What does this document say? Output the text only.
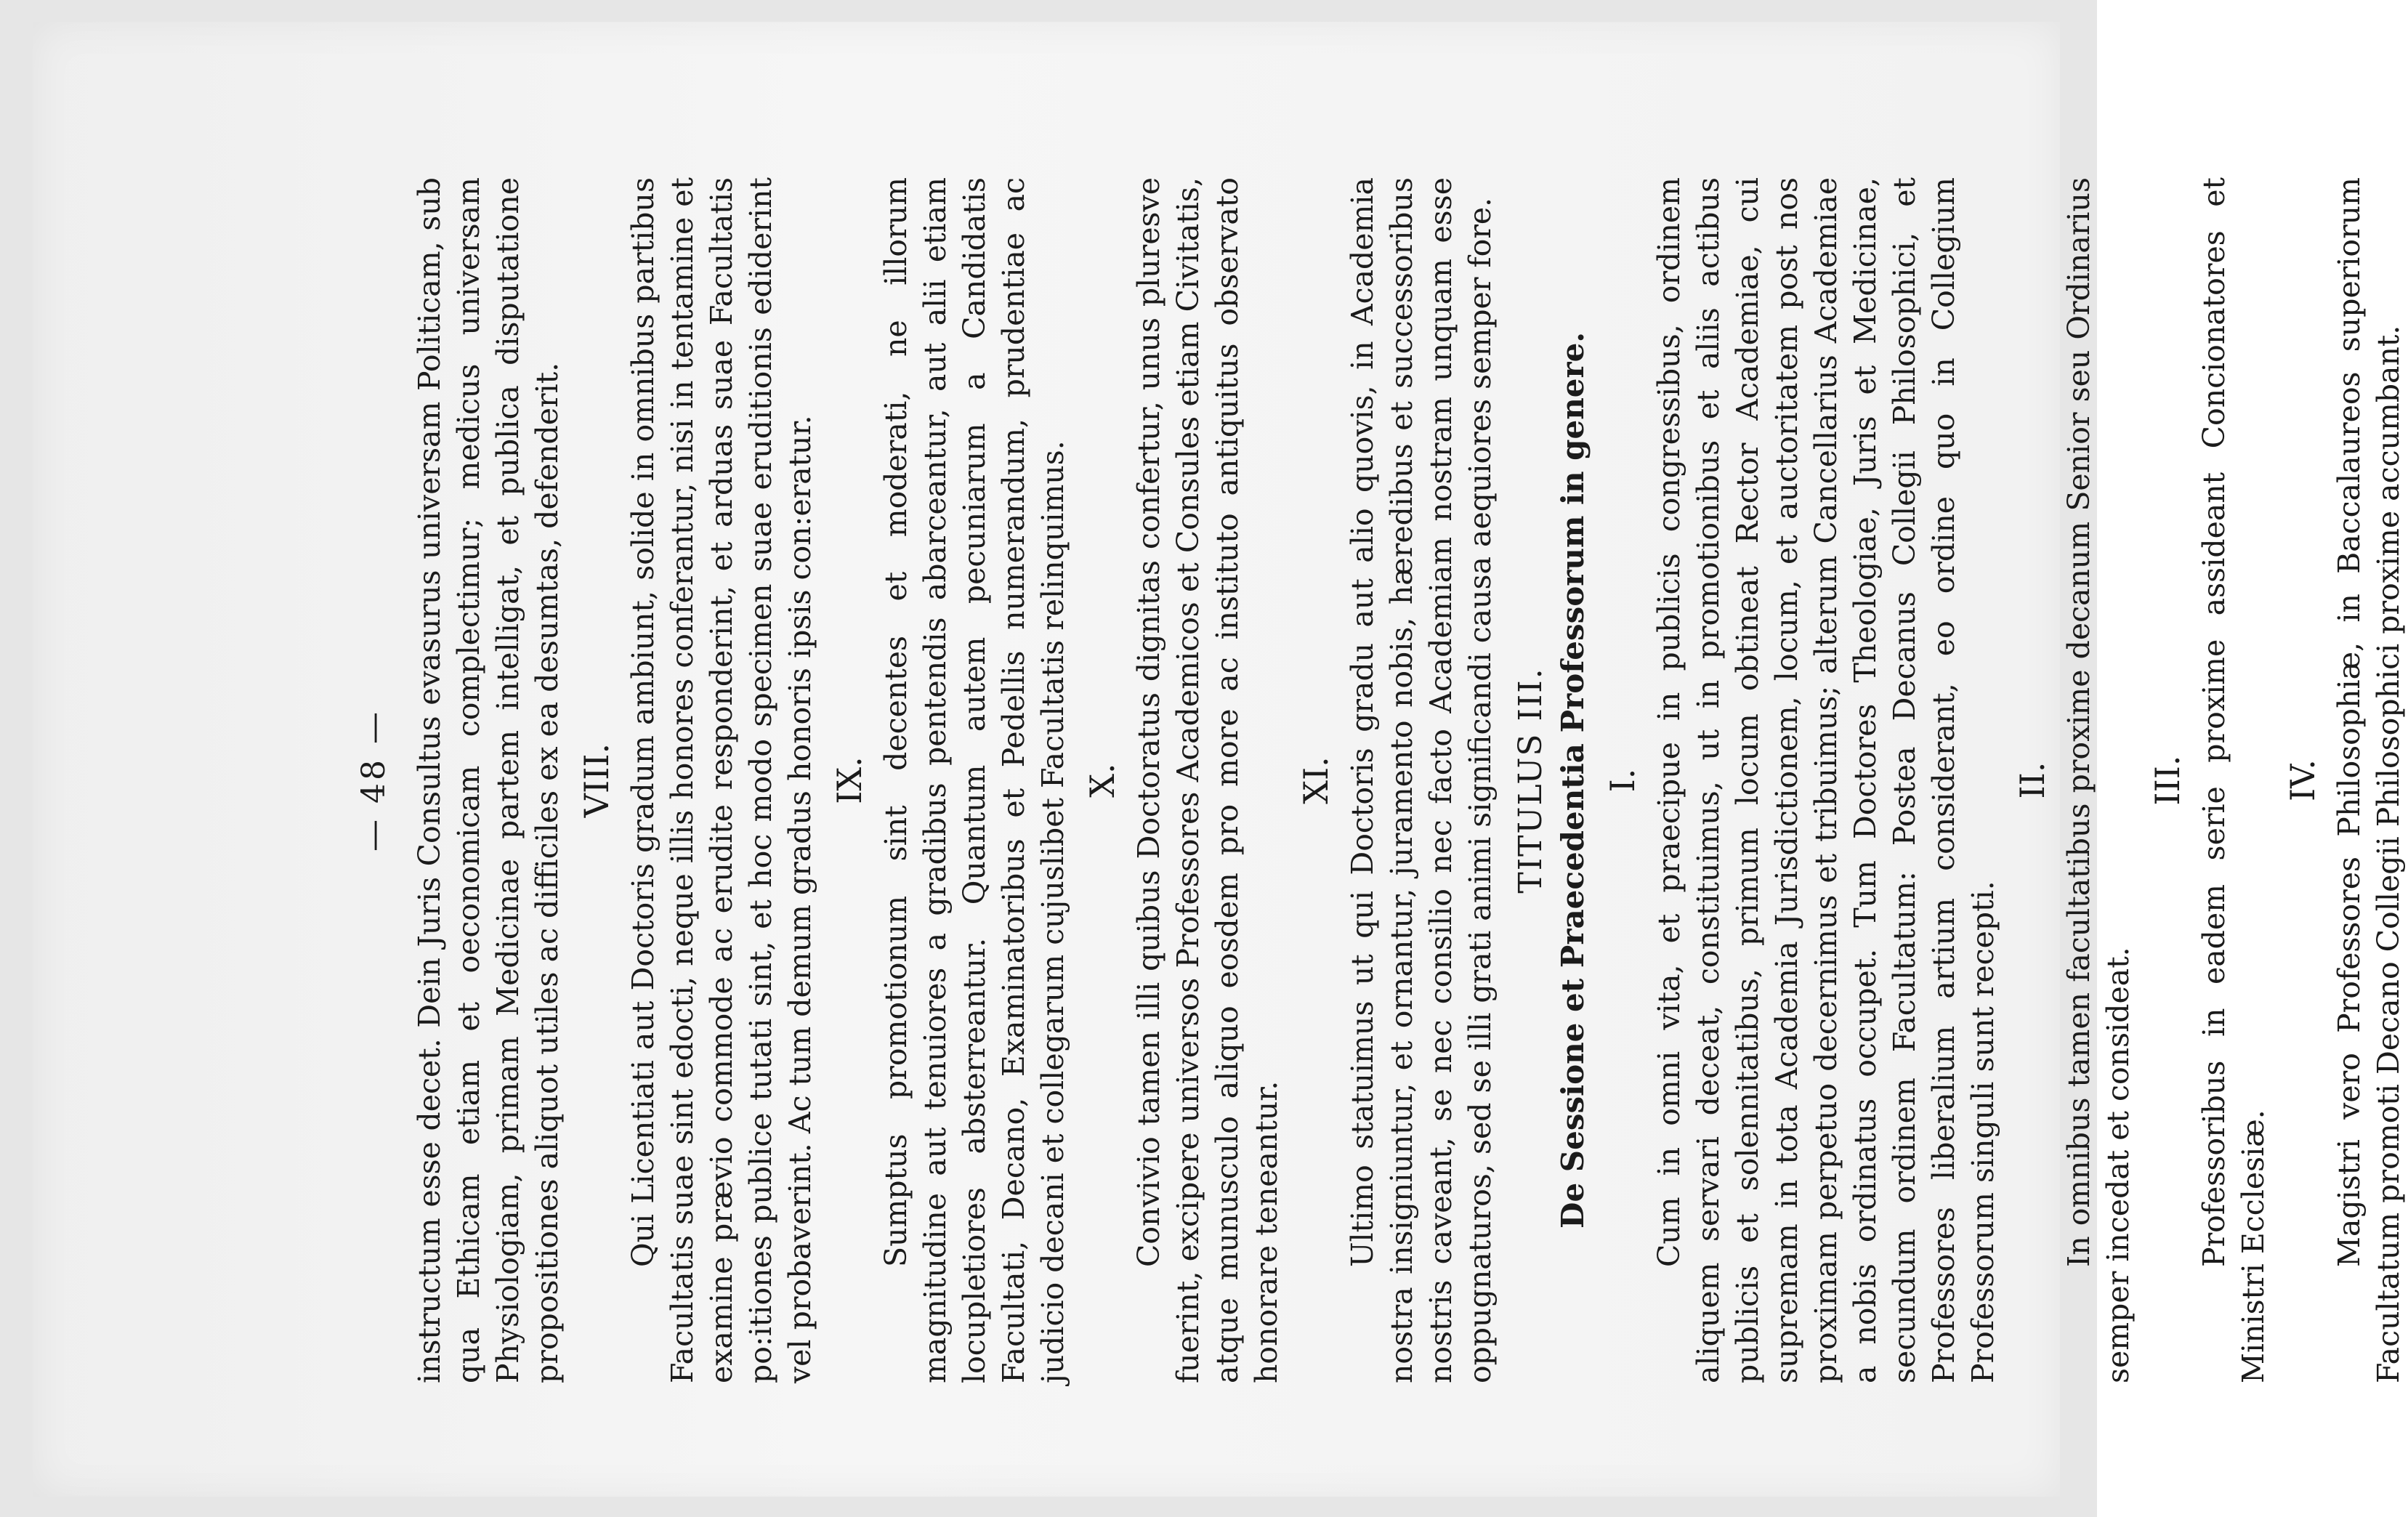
— 48 — instructum esse decet. Dein Juris Consultus evasurus universam Politicam, sub qua Ethicam etiam et oeconomicam complectimur; medicus universam Physiologiam, primam Medicinae partem intelligat, et publica disputatione propositiones aliquot utiles ac difficiles ex ea desumtas, defenderit. VIII. Qui Licentiati aut Doctoris gradum ambiunt, solide in omnibus partibus Facultatis suae sint edocti, neque illis honores conferantur, nisi in tentamine et examine prævio commode ac erudite responderint, et arduas suae Facultatis po:itiones publice tutati sint, et hoc modo specimen suae eruditionis ediderint vel probaverint. Ac tum demum gradus honoris ipsis con:eratur. IX. Sumptus promotionum sint decentes et moderati, ne illorum magnitudine aut tenuiores a gradibus pentendis abarceantur, aut alii etiam locupletiores absterreantur. Quantum autem pecuniarum a Candidatis Facultati, Decano, Examinatoribus et Pedellis numerandum, prudentiae ac judicio decani et collegarum cujuslibet Facultatis relinquimus. X. Convivio tamen illi quibus Doctoratus dignitas confertur, unus pluresve fuerint, excipere universos Professores Academicos et Consules etiam Civitatis, atque munusculo aliquo eosdem pro more ac instituto antiquitus observato honorare teneantur.

XI. Ultimo statuimus ut qui Doctoris gradu aut alio quovis, in Academia nostra insigniuntur, et ornantur, juramento nobis, hæredibus et successoribus nostris caveant, se nec consilio nec facto Academiam nostram unquam esse oppugnaturos, sed se illi grati animi significandi causa aequiores semper fore. TITULUS III. De Sessione et Praecedentia Professorum in genere. I. Cum in omni vita, et praecipue in publicis congressibus, ordinem aliquem servari deceat, constituimus, ut in promotionibus et aliis actibus publicis et solennitatibus, primum locum obtineat Rector Academiae, cui supremam in tota Academia Jurisdictionem, locum, et auctoritatem post nos proximam perpetuo decernimus et tribuimus; alterum Cancellarius Academiae a nobis ordinatus occupet. Tum Doctores Theologiae, Juris et Medicinae, secundum ordinem Facultatum: Postea Decanus Collegii Philosophici, et Professores liberalium artium considerant, eo ordine quo in Collegium Professorum singuli sunt recepti.

II. In omnibus tamen facultatibus proxime decanum Senior seu Ordinarius semper incedat et consideat.

III. Professoribus in eadem serie proxime assideant Concionatores et Ministri Ecclesiæ.

IV. Magistri vero Professores Philosophiæ, in Baccalaureos superiorum Facultatum promoti Decano Collegii Philosophici proxime accumbant.
